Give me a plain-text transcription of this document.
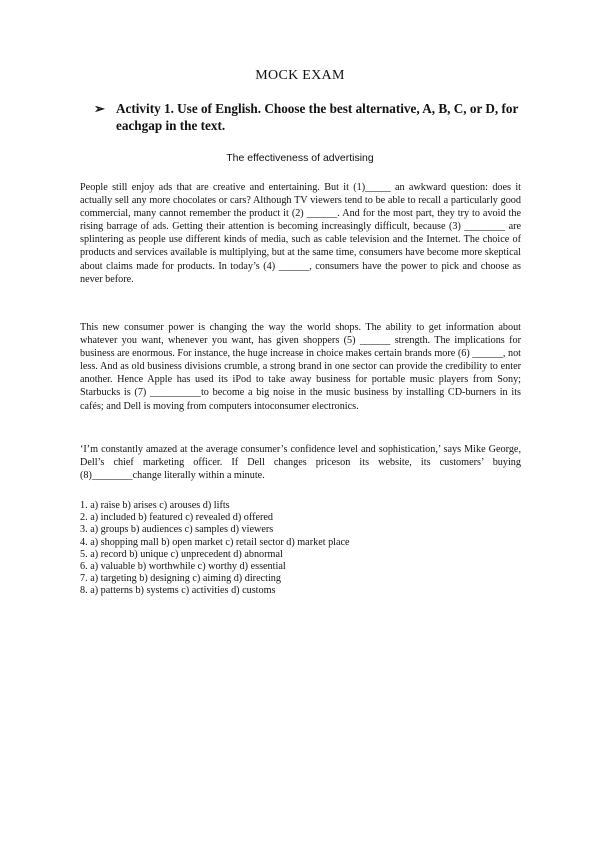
MOCK EXAM
➢ Activity 1. Use of English. Choose the best alternative, A, B, C, or D, for eachgap in the text.
The effectiveness of advertising

People still enjoy ads that are creative and entertaining. But it (1)_____ an awkward question: does it actually sell any more chocolates or cars? Although TV viewers tend to be able to recall a particularly good commercial, many cannot remember the product it (2) ______. And for the most part, they try to avoid the rising barrage of ads. Getting their attention is becoming increasingly difficult, because (3) ________ are splintering as people use different kinds of media, such as cable television and the Internet. The choice of products and services available is multiplying, but at the same time, consumers have become more skeptical about claims made for products. In today’s (4) ______, consumers have the power to pick and choose as never before.

This new consumer power is changing the way the world shops. The ability to get information about whatever you want, whenever you want, has given shoppers (5) ______ strength. The implications for business are enormous. For instance, the huge increase in choice makes certain brands more (6) ______, not less. And as old business divisions crumble, a strong brand in one sector can provide the credibility to enter another. Hence Apple has used its iPod to take away business for portable music players from Sony; Starbucks is (7) __________to become a big noise in the music business by installing CD-burners in its cafés; and Dell is moving from computers intoconsumer electronics.

‘I’m constantly amazed at the average consumer’s confidence level and sophistication,’ says Mike George, Dell’s chief marketing officer. If Dell changes priceson its website, its customers’ buying (8)________change literally within a minute.

1. a) raise b) arises c) arouses d) lifts
2. a) included b) featured c) revealed d) offered
3. a) groups b) audiences c) samples d) viewers
4. a) shopping mall b) open market c) retail sector d) market place
5. a) record b) unique c) unprecedent d) abnormal
6. a) valuable b) worthwhile c) worthy d) essential
7. a) targeting b) designing c) aiming d) directing
8. a) patterns b) systems c) activities d) customs
